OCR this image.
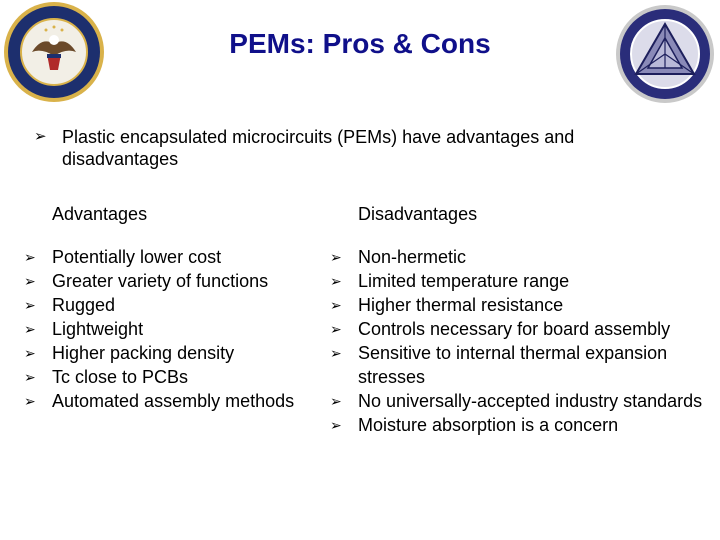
PEMs: Pros & Cons
➢ Plastic encapsulated microcircuits (PEMs) have advantages and disadvantages
Advantages	Disadvantages
➢ Potentially lower cost
➢ Greater variety of functions
➢ Rugged
➢ Lightweight
➢ Higher packing density
➢ Tc close to PCBs
➢ Automated assembly methods
➢ Non-hermetic
➢ Limited temperature range
➢ Higher thermal resistance
➢ Controls necessary for board assembly
➢ Sensitive to internal thermal expansion stresses
➢ No universally-accepted industry standards
➢ Moisture absorption is a concern
